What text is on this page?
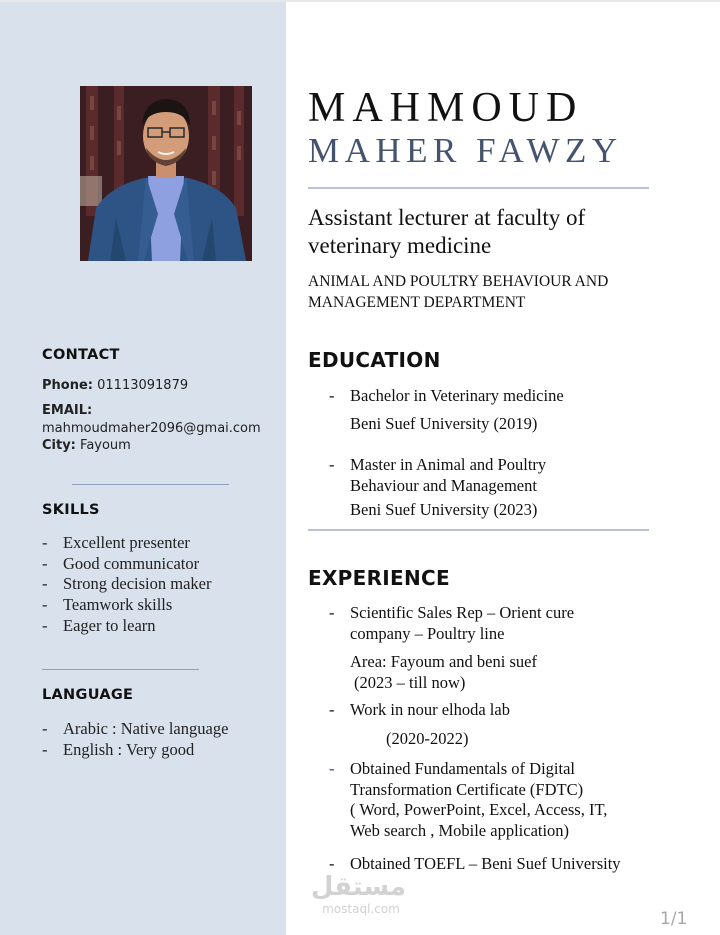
CONTACT
Phone: 01113091879
EMAIL:
mahmoudmaher2096@gmai.com
City: Fayoum
SKILLS
- Excellent presenter
- Good communicator
- Strong decision maker
- Teamwork skills
- Eager to learn
LANGUAGE
- Arabic : Native language
- English : Very good
MAHMOUD
MAHER FAWZY
Assistant lecturer at faculty of
veterinary medicine
ANIMAL AND POULTRY BEHAVIOUR AND
MANAGEMENT DEPARTMENT
EDUCATION
- Bachelor in Veterinary medicine
Beni Suef University (2019)
- Master in Animal and Poultry
Behaviour and Management
Beni Suef University (2023)
EXPERIENCE
- Scientific Sales Rep – Orient cure
company – Poultry line
Area: Fayoum and beni suef
(2023 – till now)
- Work in nour elhoda lab
(2020-2022)
- Obtained Fundamentals of Digital
Transformation Certificate (FDTC)
( Word, PowerPoint, Excel, Access, IT,
Web search , Mobile application)
- Obtained TOEFL – Beni Suef University
مستقل
mostaql.com	1/1
